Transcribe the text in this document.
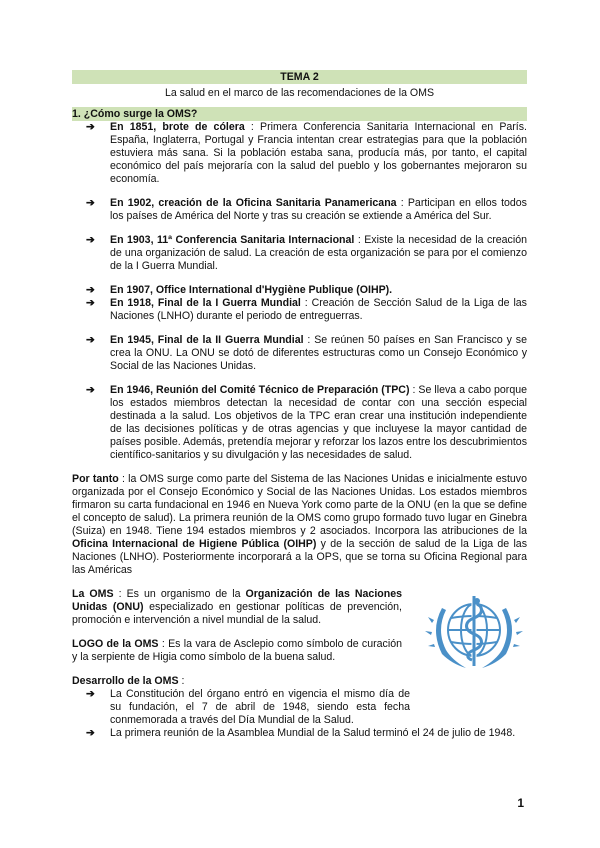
TEMA 2
La salud en el marco de las recomendaciones de la OMS
1. ¿Cómo surge la OMS?
➔ En 1851, brote de cólera : Primera Conferencia Sanitaria Internacional en París. España, Inglaterra, Portugal y Francia intentan crear estrategias para que la población estuviera más sana. Si la población estaba sana, producía más, por tanto, el capital económico del país mejoraría con la salud del pueblo y los gobernantes mejoraron su economía.
➔ En 1902, creación de la Oficina Sanitaria Panamericana : Participan en ellos todos los países de América del Norte y tras su creación se extiende a América del Sur.
➔ En 1903, 11ª Conferencia Sanitaria Internacional : Existe la necesidad de la creación de una organización de salud. La creación de esta organización se para por el comienzo de la I Guerra Mundial.
➔ En 1907, Office International d'Hygiène Publique (OIHP).
➔ En 1918, Final de la I Guerra Mundial : Creación de Sección Salud de la Liga de las Naciones (LNHO) durante el periodo de entreguerras.
➔ En 1945, Final de la II Guerra Mundial : Se reúnen 50 países en San Francisco y se crea la ONU. La ONU se dotó de diferentes estructuras como un Consejo Económico y Social de las Naciones Unidas.
➔ En 1946, Reunión del Comité Técnico de Preparación (TPC) : Se lleva a cabo porque los estados miembros detectan la necesidad de contar con una sección especial destinada a la salud. Los objetivos de la TPC eran crear una institución independiente de las decisiones políticas y de otras agencias y que incluyese la mayor cantidad de países posible. Además, pretendía mejorar y reforzar los lazos entre los descubrimientos científico-sanitarios y su divulgación y las necesidades de salud.
Por tanto : la OMS surge como parte del Sistema de las Naciones Unidas e inicialmente estuvo organizada por el Consejo Económico y Social de las Naciones Unidas. Los estados miembros firmaron su carta fundacional en 1946 en Nueva York como parte de la ONU (en la que se define el concepto de salud). La primera reunión de la OMS como grupo formado tuvo lugar en Ginebra (Suiza) en 1948. Tiene 194 estados miembros y 2 asociados. Incorpora las atribuciones de la Oficina Internacional de Higiene Pública (OIHP) y de la sección de salud de la Liga de las Naciones (LNHO). Posteriormente incorporará a la OPS, que se torna su Oficina Regional para las Américas
La OMS : Es un organismo de la Organización de las Naciones Unidas (ONU) especializado en gestionar políticas de prevención, promoción e intervención a nivel mundial de la salud.
LOGO de la OMS : Es la vara de Asclepio como símbolo de curación y la serpiente de Higia como símbolo de la buena salud.
Desarrollo de la OMS :
➔ La Constitución del órgano entró en vigencia el mismo día de su fundación, el 7 de abril de 1948, siendo esta fecha conmemorada a través del Día Mundial de la Salud.
➔ La primera reunión de la Asamblea Mundial de la Salud terminó el 24 de julio de 1948.
1
